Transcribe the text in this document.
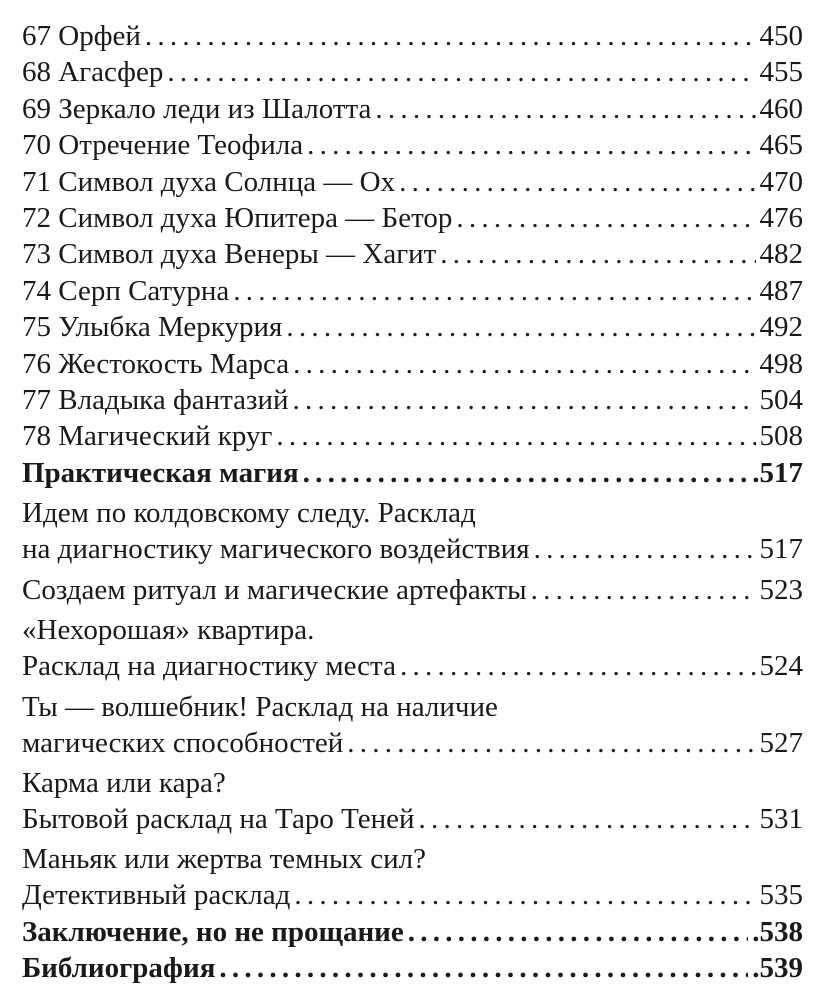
67 Орфей . . .	450
68 Агасфер . . .	455
69 Зеркало леди из Шалотта . . .	460
70 Отречение Теофила . . .	465
71 Символ духа Солнца — Ох . . .	470
72 Символ духа Юпитера — Бетор . . .	476
73 Символ духа Венеры — Хагит . . .	482
74 Серп Сатурна . . .	487
75 Улыбка Меркурия . . .	492
76 Жестокость Марса . . .	498
77 Владыка фантазий . . .	504
78 Магический круг . . .	508
Практическая магия . . .	.517
Идем по колдовскому следу. Расклад
на диагностику магического воздействия . . .	517
Создаем ритуал и магические артефакты . . .	523
«Нехорошая» квартира.
Расклад на диагностику места . . .	524
Ты — волшебник! Расклад на наличие
магических способностей . . .	527
Карма или кара?
Бытовой расклад на Таро Теней . . .	531
Маньяк или жертва темных сил?
Детективный расклад . . .	535
Заключение, но не прощание . . .	.538
Библиография . . .	.539
